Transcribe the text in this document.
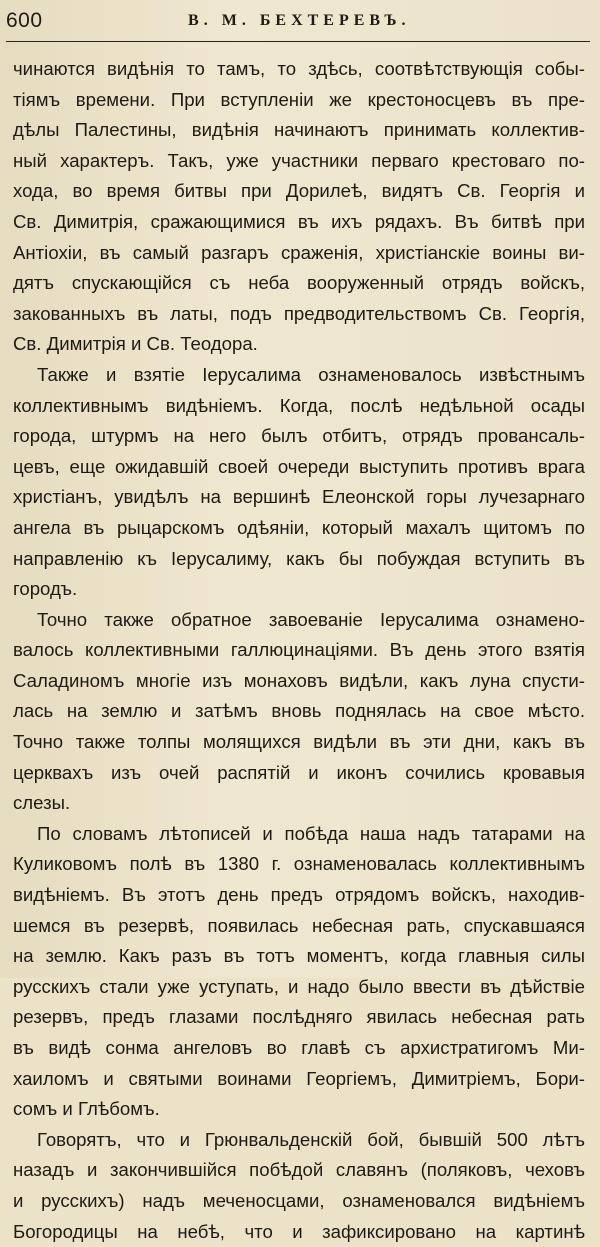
600	В. М. БЕХТЕРЕВЪ.
чинаются видѣнія то тамъ, то здѣсь, соотвѣтствующія собы-
тіямъ времени. При вступленіи же крестоносцевъ въ пре-
дѣлы Палестины, видѣнія начинаютъ принимать коллектив-
ный характеръ. Такъ, уже участники перваго крестоваго по-
хода, во время битвы при Дорилеѣ, видятъ Св. Георгія и
Св. Димитрія, сражающимися въ ихъ рядахъ. Въ битвѣ при
Антіохіи, въ самый разгаръ сраженія, христіанскіе воины ви-
дятъ спускающійся съ неба вооруженный отрядъ войскъ,
закованныхъ въ латы, подъ предводительствомъ Св. Георгія,
Св. Димитрія и Св. Теодора.
Также и взятіе Іерусалима ознаменовалось извѣстнымъ
коллективнымъ видѣніемъ. Когда, послѣ недѣльной осады
города, штурмъ на него былъ отбитъ, отрядъ провансаль-
цевъ, еще ожидавшій своей очереди выступить противъ врага
христіанъ, увидѣлъ на вершинѣ Елеонской горы лучезарнаго
ангела въ рыцарскомъ одѣяніи, который махалъ щитомъ по
направленію къ Іерусалиму, какъ бы побуждая вступить въ
городъ.
Точно также обратное завоеваніе Іерусалима ознамено-
валось коллективными галлюцинаціями. Въ день этого взятія
Саладиномъ многіе изъ монаховъ видѣли, какъ луна спусти-
лась на землю и затѣмъ вновь поднялась на свое мѣсто.
Точно также толпы молящихся видѣли въ эти дни, какъ въ
церквахъ изъ очей распятій и иконъ сочились кровавыя
слезы.
По словамъ лѣтописей и побѣда наша надъ татарами на
Куликовомъ полѣ въ 1380 г. ознаменовалась коллективнымъ
видѣніемъ. Въ этотъ день предъ отрядомъ войскъ, находив-
шемся въ резервѣ, появилась небесная рать, спускавшаяся
на землю. Какъ разъ въ тотъ моментъ, когда главныя силы
русскихъ стали уже уступать, и надо было ввести въ дѣйствіе
резервъ, предъ глазами послѣдняго явилась небесная рать
въ видѣ сонма ангеловъ во главѣ съ архистратигомъ Ми-
хаиломъ и святыми воинами Георгіемъ, Димитріемъ, Бори-
сомъ и Глѣбомъ.
Говорятъ, что и Грюнвальденскій бой, бывшій 500 лѣтъ
назадъ и закончившійся побѣдой славянъ (поляковъ, чеховъ
и русскихъ) надъ меченосцами, ознаменовался видѣніемъ
Богородицы на небѣ, что и зафиксировано на картинѣ
